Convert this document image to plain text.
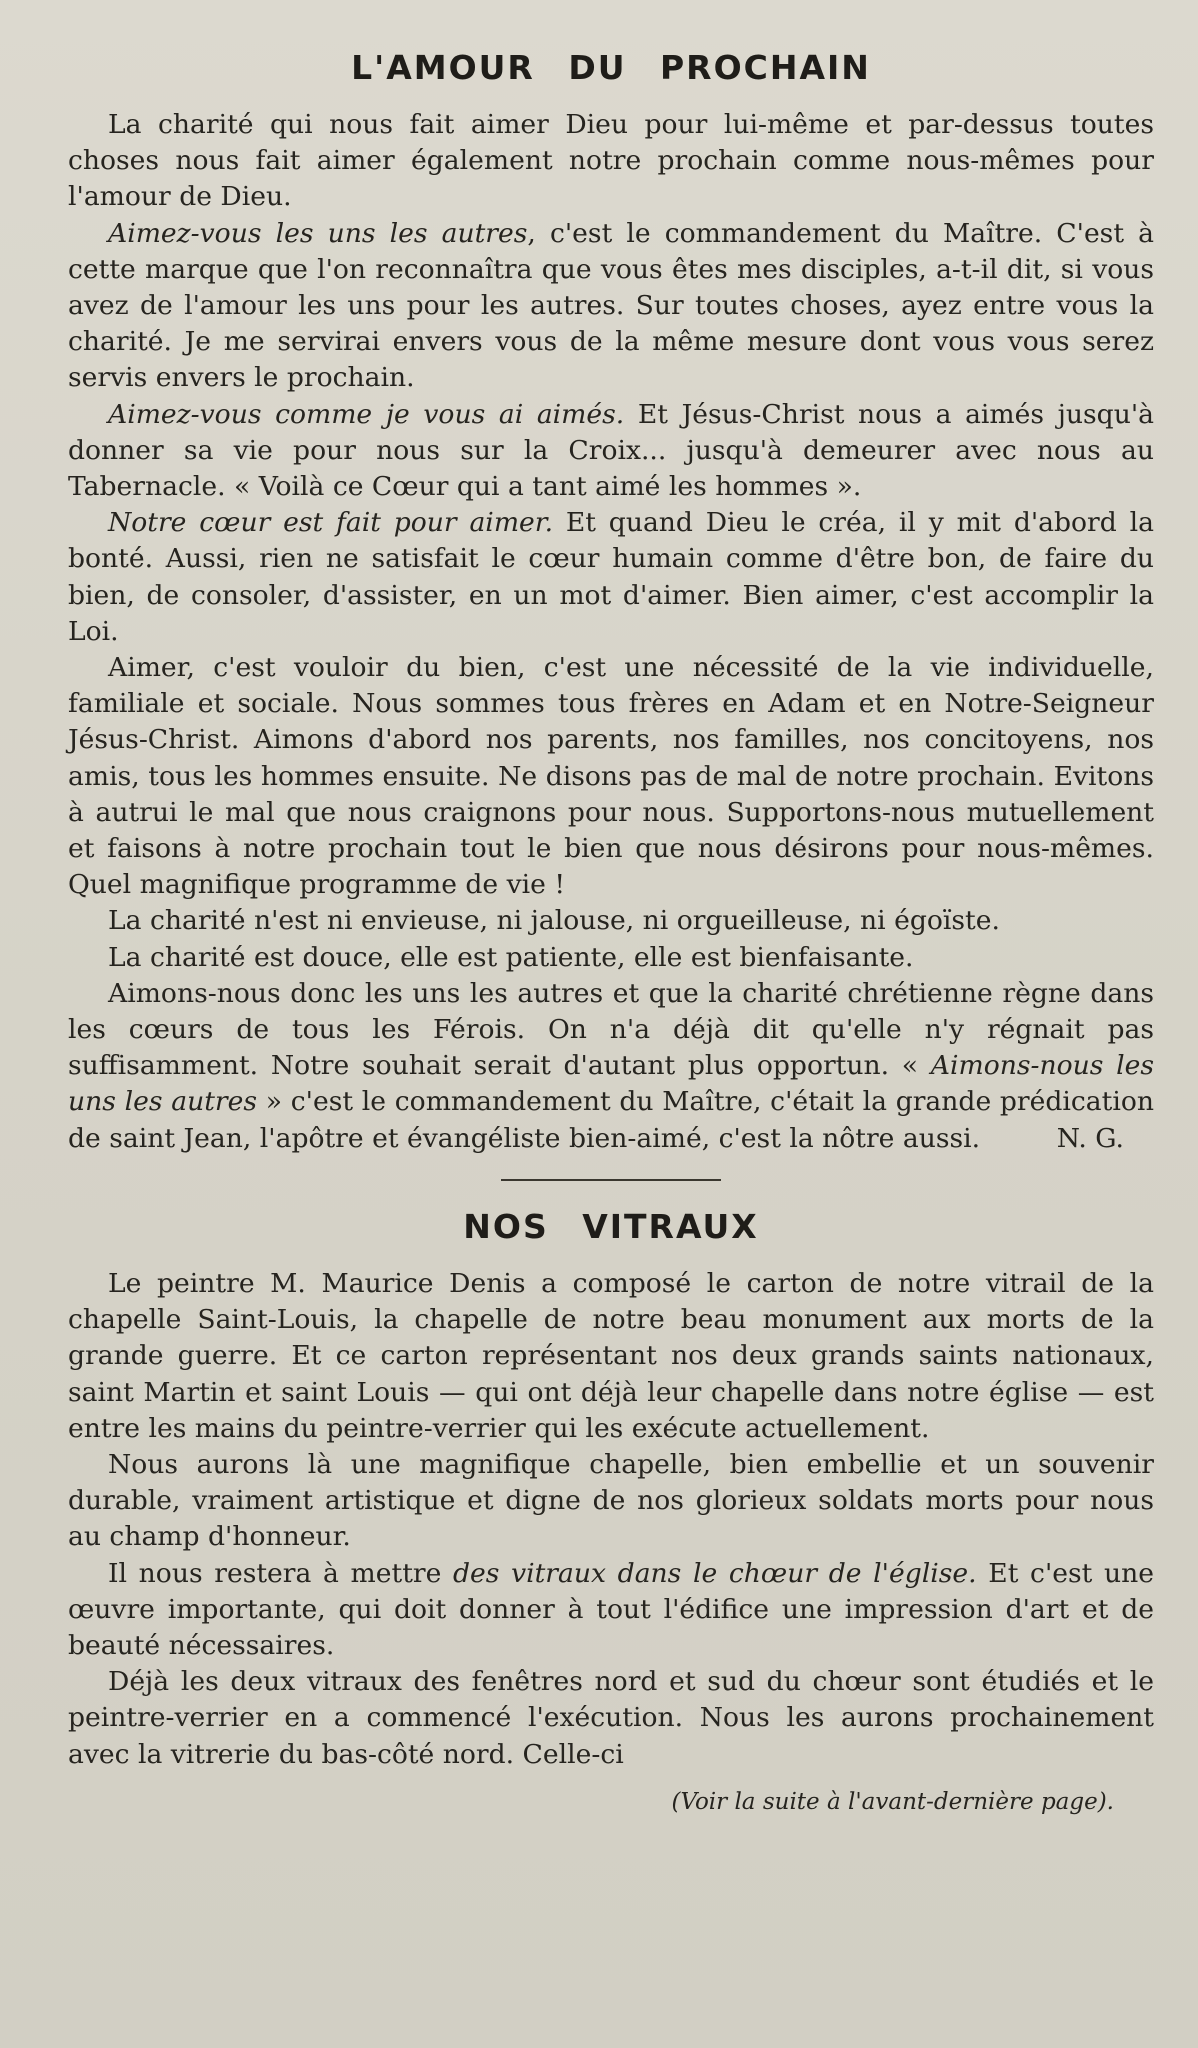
L'AMOUR DU PROCHAIN

La charité qui nous fait aimer Dieu pour lui-même et par-dessus toutes choses nous fait aimer également notre prochain comme nous-mêmes pour l'amour de Dieu.

Aimez-vous les uns les autres, c'est le commandement du Maître. C'est à cette marque que l'on reconnaîtra que vous êtes mes disciples, a-t-il dit, si vous avez de l'amour les uns pour les autres. Sur toutes choses, ayez entre vous la charité. Je me servirai envers vous de la même mesure dont vous vous serez servis envers le prochain.

Aimez-vous comme je vous ai aimés. Et Jésus-Christ nous a aimés jusqu'à donner sa vie pour nous sur la Croix... jusqu'à demeurer avec nous au Tabernacle. « Voilà ce Cœur qui a tant aimé les hommes ».

Notre cœur est fait pour aimer. Et quand Dieu le créa, il y mit d'abord la bonté. Aussi, rien ne satisfait le cœur humain comme d'être bon, de faire du bien, de consoler, d'assister, en un mot d'aimer. Bien aimer, c'est accomplir la Loi.

Aimer, c'est vouloir du bien, c'est une nécessité de la vie individuelle, familiale et sociale. Nous sommes tous frères en Adam et en Notre-Seigneur Jésus-Christ. Aimons d'abord nos parents, nos familles, nos concitoyens, nos amis, tous les hommes ensuite. Ne disons pas de mal de notre prochain. Evitons à autrui le mal que nous craignons pour nous. Supportons-nous mutuellement et faisons à notre prochain tout le bien que nous désirons pour nous-mêmes. Quel magnifique programme de vie !

La charité n'est ni envieuse, ni jalouse, ni orgueilleuse, ni égoïste.

La charité est douce, elle est patiente, elle est bienfaisante.

Aimons-nous donc les uns les autres et que la charité chrétienne règne dans les cœurs de tous les Férois. On n'a déjà dit qu'elle n'y régnait pas suffisamment. Notre souhait serait d'autant plus opportun. « Aimons-nous les uns les autres » c'est le commandement du Maître, c'était la grande prédication de saint Jean, l'apôtre et évangéliste bien-aimé, c'est la nôtre aussi.	N. G.

NOS VITRAUX

Le peintre M. Maurice Denis a composé le carton de notre vitrail de la chapelle Saint-Louis, la chapelle de notre beau monument aux morts de la grande guerre. Et ce carton représentant nos deux grands saints nationaux, saint Martin et saint Louis — qui ont déjà leur chapelle dans notre église — est entre les mains du peintre-verrier qui les exécute actuellement.

Nous aurons là une magnifique chapelle, bien embellie et un souvenir durable, vraiment artistique et digne de nos glorieux soldats morts pour nous au champ d'honneur.

Il nous restera à mettre des vitraux dans le chœur de l'église. Et c'est une œuvre importante, qui doit donner à tout l'édifice une impression d'art et de beauté nécessaires.

Déjà les deux vitraux des fenêtres nord et sud du chœur sont étudiés et le peintre-verrier en a commencé l'exécution. Nous les aurons prochainement avec la vitrerie du bas-côté nord. Celle-ci

(Voir la suite à l'avant-dernière page).
